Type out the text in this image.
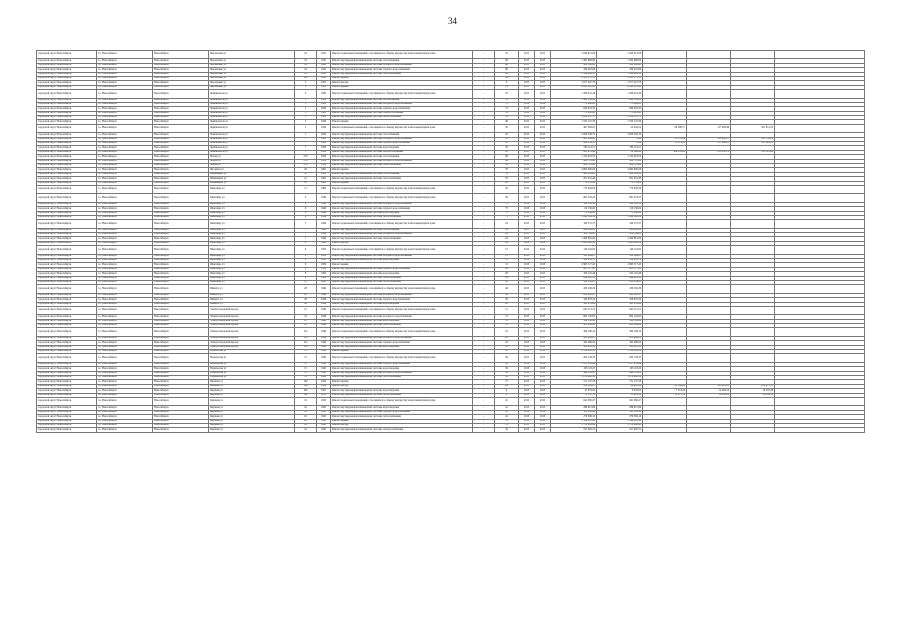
34
городской округ Новосибирск	г.о. Новосибирск	Новосибирск	Чкаловские ул	19	1941	Ремонт подвальных помещений, относящихся к общему имуществу в многоквартирном доме	-	18	2015	2015	1 640 612,06	1 640 612,06				
городской округ Новосибирск	г.о. Новосибирск	Новосибирск	Чкаловские ул	19	1941	Ремонт внутридомовой инженерной системы газоснабжения	-	69	2015	2015	1 265 668,90	1 265 668,90				
городской округ Новосибирск	г.о. Новосибирск	Новосибирск	Чкаловские ул	19	1941	Ремонт внутридомовой инженерной системы холодного водоснабжения	-	69	2015	2015	450 196,45	450 196,45				
городской округ Новосибирск	г.о. Новосибирск	Новосибирск	Чкаловские ул	19	1941	Ремонт внутридомовой инженерной системы горячего водоснабжения	-	69	2015	2015	339 022,66	339 022,66				
городской округ Новосибирск	г.о. Новосибирск	Новосибирск	Чкаловские ул	19	1941	Ремонт внутридомовой инженерной системы теплоснабжения	-	69	2015	2015	1 346 649,50	1 346 649,50				
городской округ Новосибирск	г.о. Новосибирск	Новосибирск	Чкаловские ул	19а	1959	Ремонт крыши	-	49	2015	2015	2 955 175,13	2 955 175,13				
городской округ Новосибирск	г.о. Новосибирск	Новосибирск	Чкаловские ул	5	1952	Ремонт фасада	-	3	2015	2015	1 677 447,70	1 677 447,70				
городской округ Новосибирск	г.о. Новосибирск	Новосибирск	Чкаловские ул	5	1952	Ремонт крыши	-	25	2015	2015	4 200 110,93	4 200 110,93				
городской округ Новосибирск	г.о. Новосибирск	Новосибирск	Чемпионатов ул	5	1929	Ремонт подвальных помещений, относящихся к общему имуществу в многоквартирном доме	-	35	2015	2015	1 260 041,29	1 260 041,29				
городской округ Новосибирск	г.о. Новосибирск	Новосибирск	Чемпионатов ул	5	1929	Ремонт внутридомовой инженерной системы газоснабжения	-	35	2015	2015	1 466 384,91	1 466 384,91				
городской округ Новосибирск	г.о. Новосибирск	Новосибирск	Чемпионатов ул	5	1929	Ремонт внутридомовой инженерной системы холодного водоснабжения	-	75	2015	2015	771 698,63	771 698,63				
городской округ Новосибирск	г.о. Новосибирск	Новосибирск	Чемпионатов ул	5	1929	Ремонт внутридомовой инженерной системы горячего водоснабжения	-	75	2015	2015	640 633,35	640 633,35				
городской округ Новосибирск	г.о. Новосибирск	Новосибирск	Чемпионатов ул	5	1929	Ремонт внутридомовой инженерной системы электроснабжения	-	35	2015	2015	775 618,45	775 618,45				
городской округ Новосибирск	г.о. Новосибирск	Новосибирск	Чемпионатов ул	5	1929	Ремонт внутридомовой инженерной системы теплоснабжения	-	35	2015	2015	1 656 567,75	1 656 567,75				
городской округ Новосибирск	г.о. Новосибирск	Новосибирск	Чемпионатов ул	5	1929	Ремонт крыши	-	49	2015	2015	1 553 147,36	1 553 147,36				
городской округ Новосибирск	г.о. Новосибирск	Новосибирск	Чемпионатов ул	7	1929	Ремонт подвальных помещений, относящихся к общему имуществу в многоквартирном доме	-	45	2015	2015	467 589,91	22 444,54	84 396,77	157 928,49	201 972,23	
городской округ Новосибирск	г.о. Новосибирск	Новосибирск	Чемпионатов ул	7	1929	Ремонт внутридомовой инженерной системы газоснабжения	-	45	2015	2015	2 000 556,70	2 000 556,70				
городской округ Новосибирск	г.о. Новосибирск	Новосибирск	Чемпионатов ул	7	1929	Ремонт внутридомовой инженерной системы холодного водоснабжения	-	45	2015	2015	447 944,61	0,00	35 376,09	152 820,07	251 776,61	
городской округ Новосибирск	г.о. Новосибирск	Новосибирск	Чемпионатов ул	7	1929	Ремонт внутридомовой инженерной системы горячего водоснабжения	-	45	2015	2015	420 974,31	0,00	31 113,03	157 968,23	231 893,05	
городской округ Новосибирск	г.о. Новосибирск	Новосибирск	Чемпионатов ул	7	1929	Ремонт внутридомовой инженерной системы водоотведения	-	45	2015	2015	763 114,51	763 114,51				
городской округ Новосибирск	г.о. Новосибирск	Новосибирск	Чемпионатов ул	7	1929	Ремонт внутридомовой инженерной системы электроснабжения	-	45	2015	2015	805 979,46	38 346,90	189 031,08	213 832,74	211 325,96	
городской округ Новосибирск	г.о. Новосибирск	Новосибирск	Чехова ул	276	1956	Ремонт внутридомовой инженерной системы газоснабжения	-	69	2015	2015	1 125 419,53	1 125 419,53				
городской округ Новосибирск	г.о. Новосибирск	Новосибирск	Чехова ул	276	1956	Ремонт внутридомовой инженерной системы холодного водоснабжения	-	69	2015	2015	420 712,60	420 712,60				
городской округ Новосибирск	г.о. Новосибирск	Новосибирск	Чехова ул	276	1956	Ремонт внутридомовой инженерной системы теплоснабжения	-	59	2015	2015	420 712,60	420 712,60				
городской округ Новосибирск	г.о. Новосибирск	Новосибирск	Чигорина ул	20	1961	Ремонт крыши	-	35	2015	2015	4 082 600,08	4 082 600,08				
городской округ Новосибирск	г.о. Новосибирск	Новосибирск	Шамшиных ул	12	1961	Ремонт внутридомовой инженерной системы газоснабжения	-	35	2015	2015	488 516,02	488 516,02				
городской округ Новосибирск	г.о. Новосибирск	Новосибирск	Шамшиных ул	12	1961	Ремонт внутридомовой инженерной системы теплоснабжения	-	35	2015	2015	201 031,40	201 031,40				
городской округ Новосибирск	г.о. Новосибирск	Новосибирск	Шамшиных ул	18	1963	Ремонт крыши	-	20	2015	2015	770 172,06	770 172,06				
городской округ Новосибирск	г.о. Новосибирск	Новосибирск	Шекспира ул	11	1960	Ремонт подвальных помещений, относящихся к общему имуществу в многоквартирном доме	-	42	2015	2015	770 626,59	770 626,59				
городской округ Новосибирск	г.о. Новосибирск	Новосибирск	Шекспира ул	5	1946	Ремонт подвальных помещений, относящихся к общему имуществу в многоквартирном доме	-	36	2015	2015	891 523,23	891 523,23				
городской округ Новосибирск	г.о. Новосибирск	Новосибирск	Шекспира ул	6	1946	Ремонт внутридомовой инженерной системы холодного водоснабжения	-	75	2015	2015	192 163,53	192 163,53				
городской округ Новосибирск	г.о. Новосибирск	Новосибирск	Шекспира ул	6	1946	Ремонт внутридомовой инженерной системы горячего водоснабжения	-	75	2015	2015	110 136,02	110 136,02				
городской округ Новосибирск	г.о. Новосибирск	Новосибирск	Шекспира ул	6	1946	Ремонт внутридомовой инженерной системы водоотведения	-	75	2015	2015	71 164,92	71 164,92				
городской округ Новосибирск	г.о. Новосибирск	Новосибирск	Шекспира ул	6	1946	Ремонт внутридомовой инженерной системы теплоснабжения	-	75	2015	2015	1 292 166,19	1 292 166,19				
городской округ Новосибирск	г.о. Новосибирск	Новосибирск	Шекспира ул	7	1949	Ремонт подвальных помещений, относящихся к общему имуществу в многоквартирном доме	-	24	2015	2015	160 572,37	160 572,37				
городской округ Новосибирск	г.о. Новосибирск	Новосибирск	Шекспира ул	7	1949	Ремонт внутридомовой инженерной системы газоснабжения	-	24	2015	2015	824 048,82	824 048,82				
городской округ Новосибирск	г.о. Новосибирск	Новосибирск	Шекспира ул	7	1949	Ремонт внутридомовой инженерной системы холодного водоснабжения	-	24	2015	2015	386 784,63	386 784,63				
городской округ Новосибирск	г.о. Новосибирск	Новосибирск	Шекспира ул	7	1949	Ремонт внутридомовой инженерной системы теплоснабжения	-	24	2015	2015	1 260 881,02	1 260 881,02				
городской округ Новосибирск	г.о. Новосибирск	Новосибирск	Шекспира ул	9	1949	Ремонт фасада	-	24	2015	2015	1 243 000,16	1 243 000,16				
городской округ Новосибирск	г.о. Новосибирск	Новосибирск	Шекспира ул	8	1950	Ремонт подвальных помещений, относящихся к общему имуществу в многоквартирном доме	-	15	2015	2015	146 116,62	146 116,62				
городской округ Новосибирск	г.о. Новосибирск	Новосибирск	Шекспира ул	8	1950	Ремонт внутридомовой инженерной системы холодного водоснабжения	-	15	2015	2015	102 244,07	102 244,07				
городской округ Новосибирск	г.о. Новосибирск	Новосибирск	Шекспира ул	8	1950	Ремонт внутридомовой инженерной системы водоотведения	-	15	2015	2015	504 658,72	504 658,72				
городской округ Новосибирск	г.о. Новосибирск	Новосибирск	Шекспира ул	9	1959	Ремонт крыши	-	15	2015	2015	2 963 517,45	2 963 517,45				
городской округ Новосибирск	г.о. Новосибирск	Новосибирск	Шекспира ул	9	1959	Ремонт внутридомовой инженерной системы горячего водоснабжения	-	29	2015	2015	803 177,03	803 177,03				
городской округ Новосибирск	г.о. Новосибирск	Новосибирск	Шекспира ул	9	1959	Ремонт внутридомовой инженерной системы водоотведения	-	29	2015	2015	325 125,48	325 125,48				
городской округ Новосибирск	г.о. Новосибирск	Новосибирск	Шекспира ул	9	1959	Ремонт внутридомовой инженерной системы теплоснабжения	-	29	2015	2015	896 612,50	896 612,50				
городской округ Новосибирск	г.о. Новосибирск	Новосибирск	Шекспира ул	12	1963	Ремонт внутридомовой инженерной системы теплоснабжения	-	45	2015	2015	430 954,63	430 954,63				
городской округ Новосибирск	г.о. Новосибирск	Новосибирск	Шмидта ул	28	1949	Ремонт подвальных помещений, относящихся к общему имуществу в многоквартирном доме	-	46	2015	2015	430 166,29	430 166,29				
городской округ Новосибирск	г.о. Новосибирск	Новосибирск	Шмидта ул	28	1949	Ремонт внутридомовой инженерной системы холодного водоснабжения	-	29	2015	2015	641 220,47	641 220,47				
городской округ Новосибирск	г.о. Новосибирск	Новосибирск	Шмидта ул	28	1949	Ремонт внутридомовой инженерной системы горячего водоснабжения	-	29	2015	2015	326 978,34	326 978,34				
городской округ Новосибирск	г.о. Новосибирск	Новосибирск	Шмидта ул	28	1949	Ремонт внутридомовой инженерной системы водоотведения	-	29	2015	2015	365 031,66	365 031,66				
городской округ Новосибирск	г.о. Новосибирск	Новосибирск	Электрозаводский проезд	12	1946	Ремонт подвальных помещений, относящихся к общему имуществу в многоквартирном доме	-	15	2015	2015	645 112,51	645 112,51				
городской округ Новосибирск	г.о. Новосибирск	Новосибирск	Электрозаводский проезд	12	1946	Ремонт внутридомовой инженерной системы холодного водоснабжения	-	15	2015	2015	602 142,95	602 142,95				
городской округ Новосибирск	г.о. Новосибирск	Новосибирск	Электрозаводский проезд	12	1946	Ремонт внутридомовой инженерной системы водоотведения	-	15	2015	2015	324 188,80	324 188,80				
городской округ Новосибирск	г.о. Новосибирск	Новосибирск	Электрозаводский проезд	12	1946	Ремонт внутридомовой инженерной системы теплоснабжения	-	15	2015	2015	805 299,00	805 299,00				
городской округ Новосибирск	г.о. Новосибирск	Новосибирск	Электрозаводский проезд	12а	1946	Ремонт подвальных помещений, относящихся к общему имуществу в многоквартирном доме	-	25	2015	2015	394 198,14	394 198,14				
городской округ Новосибирск	г.о. Новосибирск	Новосибирск	Электрозаводский проезд	12а	1946	Ремонт внутридомовой инженерной системы холодного водоснабжения	-	45	2015	2015	453 464,61	453 464,61				
городской округ Новосибирск	г.о. Новосибирск	Новосибирск	Электрозаводский проезд	12а	1946	Ремонт внутридомовой инженерной системы горячего водоснабжения	-	45	2015	2015	342 496,02	342 496,02				
городской округ Новосибирск	г.о. Новосибирск	Новосибирск	Электрозаводский проезд	12а	1946	Ремонт внутридомовой инженерной системы водоотведения	-	45	2015	2015	363 965,50	363 965,50				
городской округ Новосибирск	г.о. Новосибирск	Новосибирск	Норильская ул	11	1940	Ремонт крыши	-	45	2015	2015	2 156 062,13	2 156 062,13				
городской округ Новосибирск	г.о. Новосибирск	Новосибирск	Норильская ул	13	1940	Ремонт подвальных помещений, относящихся к общему имуществу в многоквартирном доме	-	39	2015	2015	265 158,33	265 158,33				
городской округ Новосибирск	г.о. Новосибирск	Новосибирск	Норильская ул	15	1940	Ремонт внутридомовой инженерной системы горячего водоснабжения	-	45	2015	2015	1 117 652,86	1 117 652,86				
городской округ Новосибирск	г.о. Новосибирск	Новосибирск	Норильская ул	15	1940	Ремонт внутридомовой инженерной системы водоотведения	-	36	2015	2015	165 118,25	165 118,25				
городской округ Новосибирск	г.о. Новосибирск	Новосибирск	Норильская ул	15	1940	Ремонт внутридомовой инженерной системы холодного водоснабжения	-	36	2015	2015	490 152,22	490 152,22				
городской округ Новосибирск	г.о. Новосибирск	Новосибирск	Норильская ул	15	1940	Ремонт внутридомовой инженерной системы теплоснабжения	-	45	2015	2015	1 276 442,18	1 276 442,18				
городской округ Новосибирск	г.о. Новосибирск	Новосибирск	Якушева ул	164	1954	Ремонт крыши	-	75	2015	2015	571 137,58	571 137,58				
городской округ Новосибирск	г.о. Новосибирск	Новосибирск	Якушева ул	164	1954	Ремонт фасада	-	69	2015	2015	288 509,27	44 098,49	91 566,80	103 403,03	231 971,15	
городской округ Новосибирск	г.о. Новосибирск	Новосибирск	Якушева ул	164	1955	Ремонт внутридомовой инженерной системы водоотведения	-	0	2015	2015	47 079,02	9 076,02	7 253,42	14 494,54	16 435,29	
городской округ Новосибирск	г.о. Новосибирск	Новосибирск	Якушева ул	164	1955	Ремонт внутридомовой инженерной системы теплоснабжения	-	0	2015	2015	71 170,74	33 601,02	10 677,19	14 436,82	22 486,52	
городской округ Новосибирск	г.о. Новосибирск	Новосибирск	Якушева ул	16	1945	Ремонт подвальных помещений, относящихся к общему имуществу в многоквартирном доме	-	41	2015	2015	641 080,47	641 080,47				
городской округ Новосибирск	г.о. Новосибирск	Новосибирск	Якушева ул	16	1945	Ремонт внутридомовой инженерной системы водоотведения	-	41	2015	2015	289 815,69	289 815,69				
городской округ Новосибирск	г.о. Новосибирск	Новосибирск	Якушева ул	16	1945	Ремонт внутридомовой инженерной системы горячего водоснабжения	-	41	2015	2015	305 128,42	305 128,42				
городской округ Новосибирск	г.о. Новосибирск	Новосибирск	Якушева ул	16	1945	Ремонт внутридомовой инженерной системы теплоснабжения	-	41	2015	2015	279 596,10	279 596,10				
городской округ Новосибирск	г.о. Новосибирск	Новосибирск	Якушева ул	16	1945	Ремонт крыши	-	79	2015	2015	1 349 803,86	1 349 803,86				
городской округ Новосибирск	г.о. Новосибирск	Новосибирск	Якушева ул	16	1945	Ремонт фасада	-	79	2015	2015	1 716 606,40	1 716 606,40				
городской округ Новосибирск	г.о. Новосибирск	Новосибирск	Якушева ул	16	1945	Ремонт внутридомовой инженерной системы электроснабжения	-	45	2015	2015	527 620,31	527 620,31				
